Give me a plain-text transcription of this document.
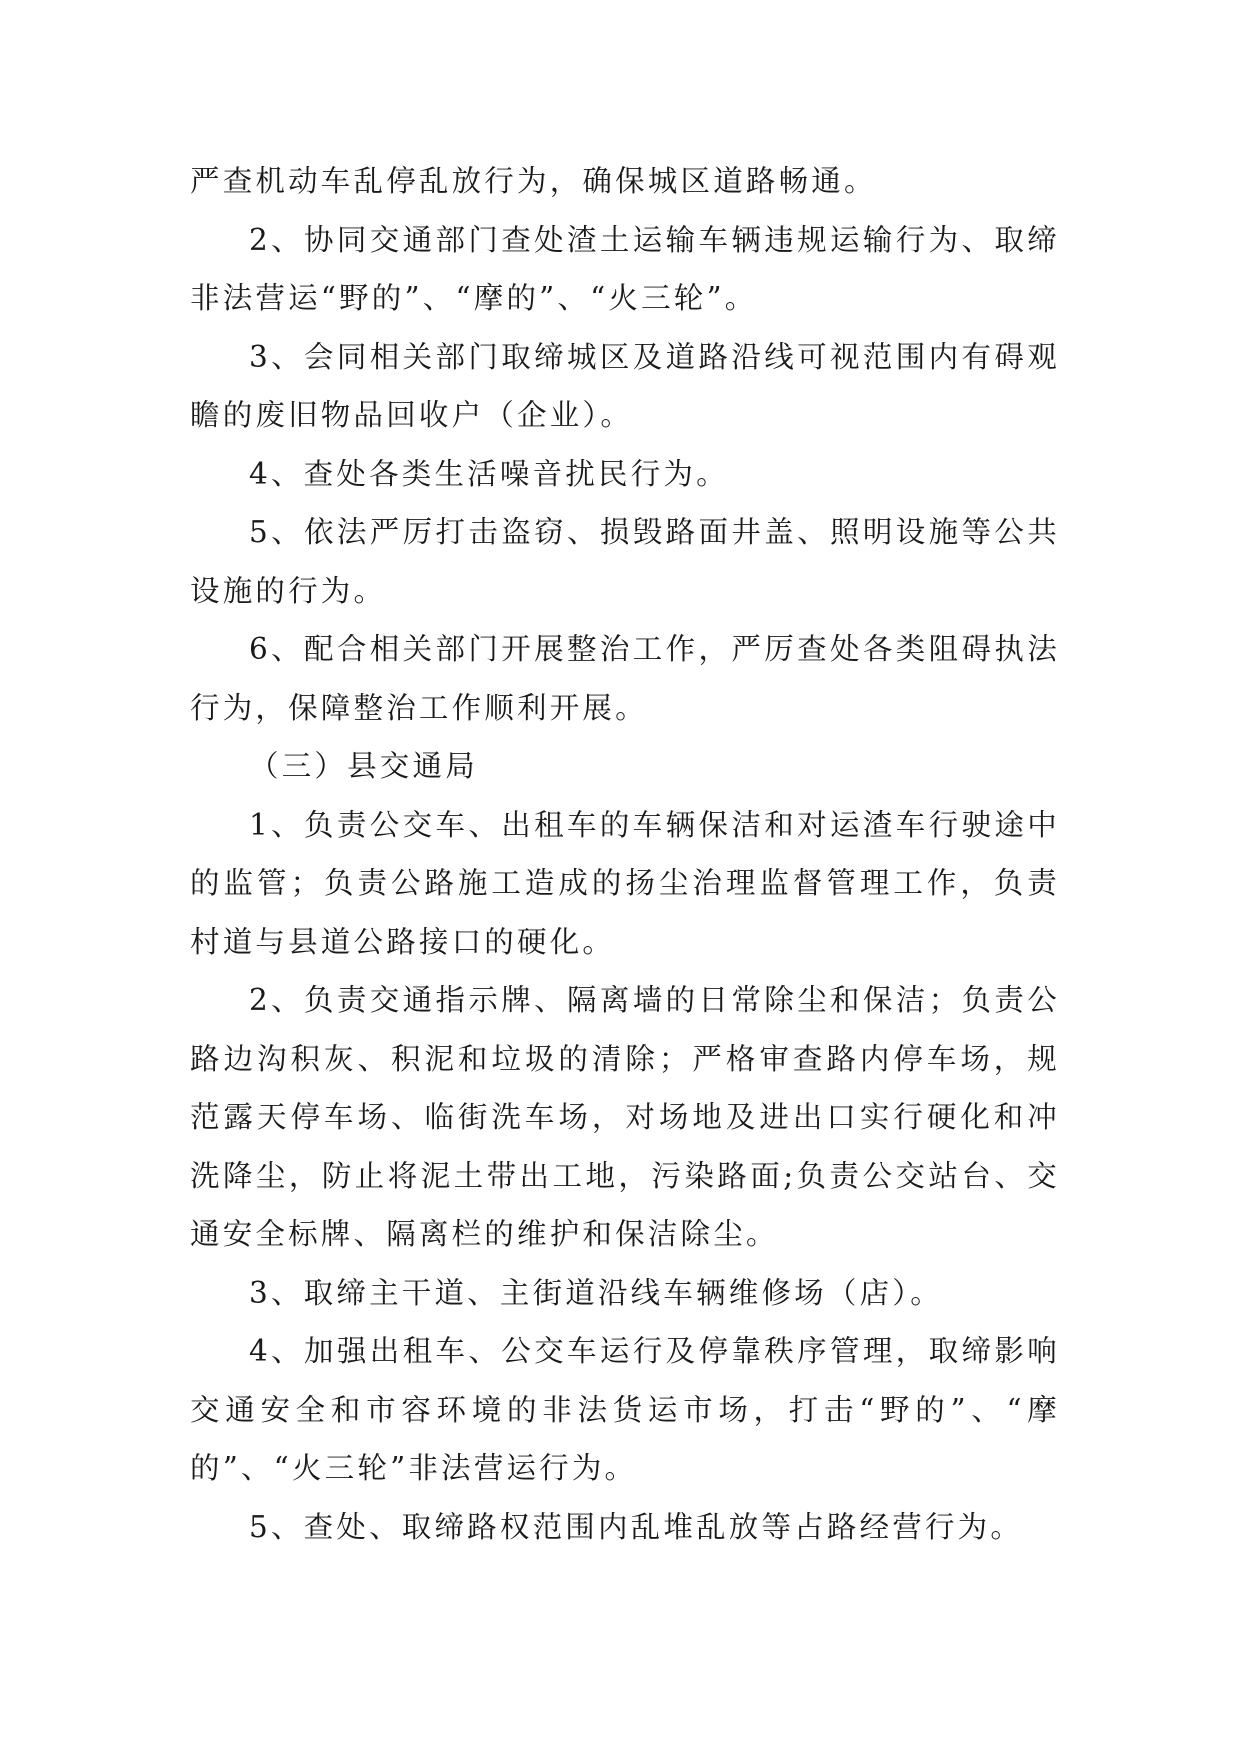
严查机动车乱停乱放行为，确保城区道路畅通。

2、协同交通部门查处渣土运输车辆违规运输行为、取缔非法营运“野的”、“摩的”、“火三轮”。

3、会同相关部门取缔城区及道路沿线可视范围内有碍观瞻的废旧物品回收户（企业）。

4、查处各类生活噪音扰民行为。

5、依法严厉打击盗窃、损毁路面井盖、照明设施等公共设施的行为。

6、配合相关部门开展整治工作，严厉查处各类阻碍执法行为，保障整治工作顺利开展。

（三）县交通局

1、负责公交车、出租车的车辆保洁和对运渣车行驶途中的监管；负责公路施工造成的扬尘治理监督管理工作，负责村道与县道公路接口的硬化。

2、负责交通指示牌、隔离墙的日常除尘和保洁；负责公路边沟积灰、积泥和垃圾的清除；严格审查路内停车场，规范露天停车场、临街洗车场，对场地及进出口实行硬化和冲洗降尘，防止将泥土带出工地，污染路面;负责公交站台、交通安全标牌、隔离栏的维护和保洁除尘。

3、取缔主干道、主街道沿线车辆维修场（店）。

4、加强出租车、公交车运行及停靠秩序管理，取缔影响交通安全和市容环境的非法货运市场，打击“野的”、“摩的”、“火三轮”非法营运行为。

5、查处、取缔路权范围内乱堆乱放等占路经营行为。
